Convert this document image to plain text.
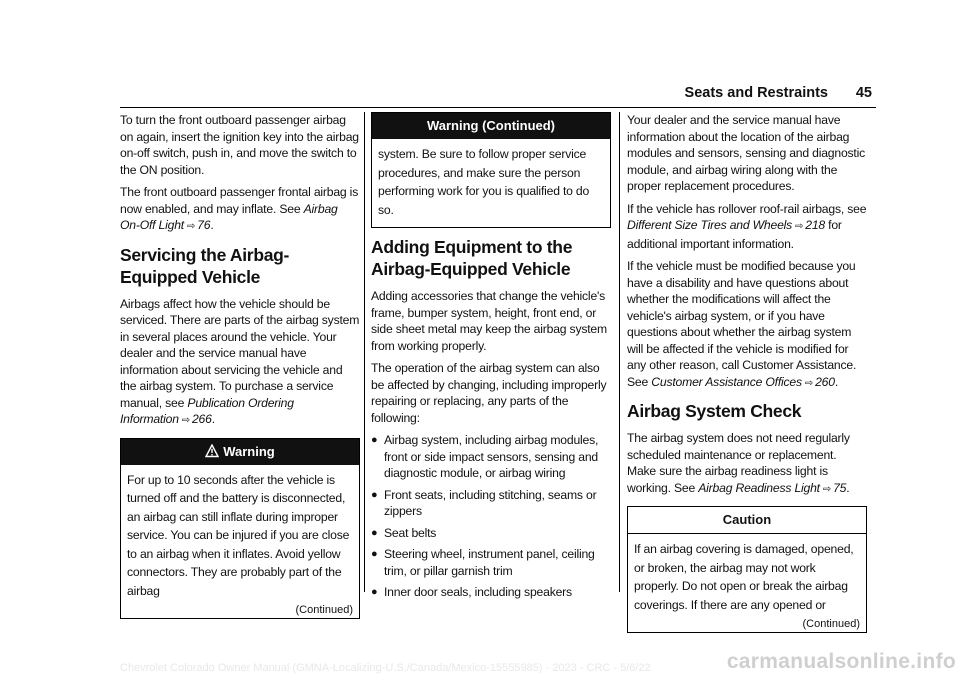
Seats and Restraints 45

To turn the front outboard passenger airbag on again, insert the ignition key into the airbag on-off switch, push in, and move the switch to the ON position.

The front outboard passenger frontal airbag is now enabled, and may inflate. See Airbag On-Off Light ⇨ 76.

Servicing the Airbag-Equipped Vehicle

Airbags affect how the vehicle should be serviced. There are parts of the airbag system in several places around the vehicle. Your dealer and the service manual have information about servicing the vehicle and the airbag system. To purchase a service manual, see Publication Ordering Information ⇨ 266.

Warning

For up to 10 seconds after the vehicle is turned off and the battery is disconnected, an airbag can still inflate during improper service. You can be injured if you are close to an airbag when it inflates. Avoid yellow connectors. They are probably part of the airbag

(Continued)
Warning (Continued)

system. Be sure to follow proper service procedures, and make sure the person performing work for you is qualified to do so.

Adding Equipment to the Airbag-Equipped Vehicle

Adding accessories that change the vehicle's frame, bumper system, height, front end, or side sheet metal may keep the airbag system from working properly.

The operation of the airbag system can also be affected by changing, including improperly repairing or replacing, any parts of the following:

● Airbag system, including airbag modules, front or side impact sensors, sensing and diagnostic module, or airbag wiring
● Front seats, including stitching, seams or zippers
● Seat belts
● Steering wheel, instrument panel, ceiling trim, or pillar garnish trim
● Inner door seals, including speakers

Your dealer and the service manual have information about the location of the airbag modules and sensors, sensing and diagnostic module, and airbag wiring along with the proper replacement procedures.

If the vehicle has rollover roof-rail airbags, see Different Size Tires and Wheels ⇨ 218 for additional important information.

If the vehicle must be modified because you have a disability and have questions about whether the modifications will affect the vehicle's airbag system, or if you have questions about whether the airbag system will be affected if the vehicle is modified for any other reason, call Customer Assistance. See Customer Assistance Offices ⇨ 260.

Airbag System Check

The airbag system does not need regularly scheduled maintenance or replacement. Make sure the airbag readiness light is working. See Airbag Readiness Light ⇨ 75.

Caution

If an airbag covering is damaged, opened, or broken, the airbag may not work properly. Do not open or break the airbag coverings. If there are any opened or

(Continued)
Chevrolet Colorado Owner Manual (GMNA-Localizing-U.S./Canada/Mexico-15555985) - 2023 - CRC - 5/6/22	carmanualsonline.info
